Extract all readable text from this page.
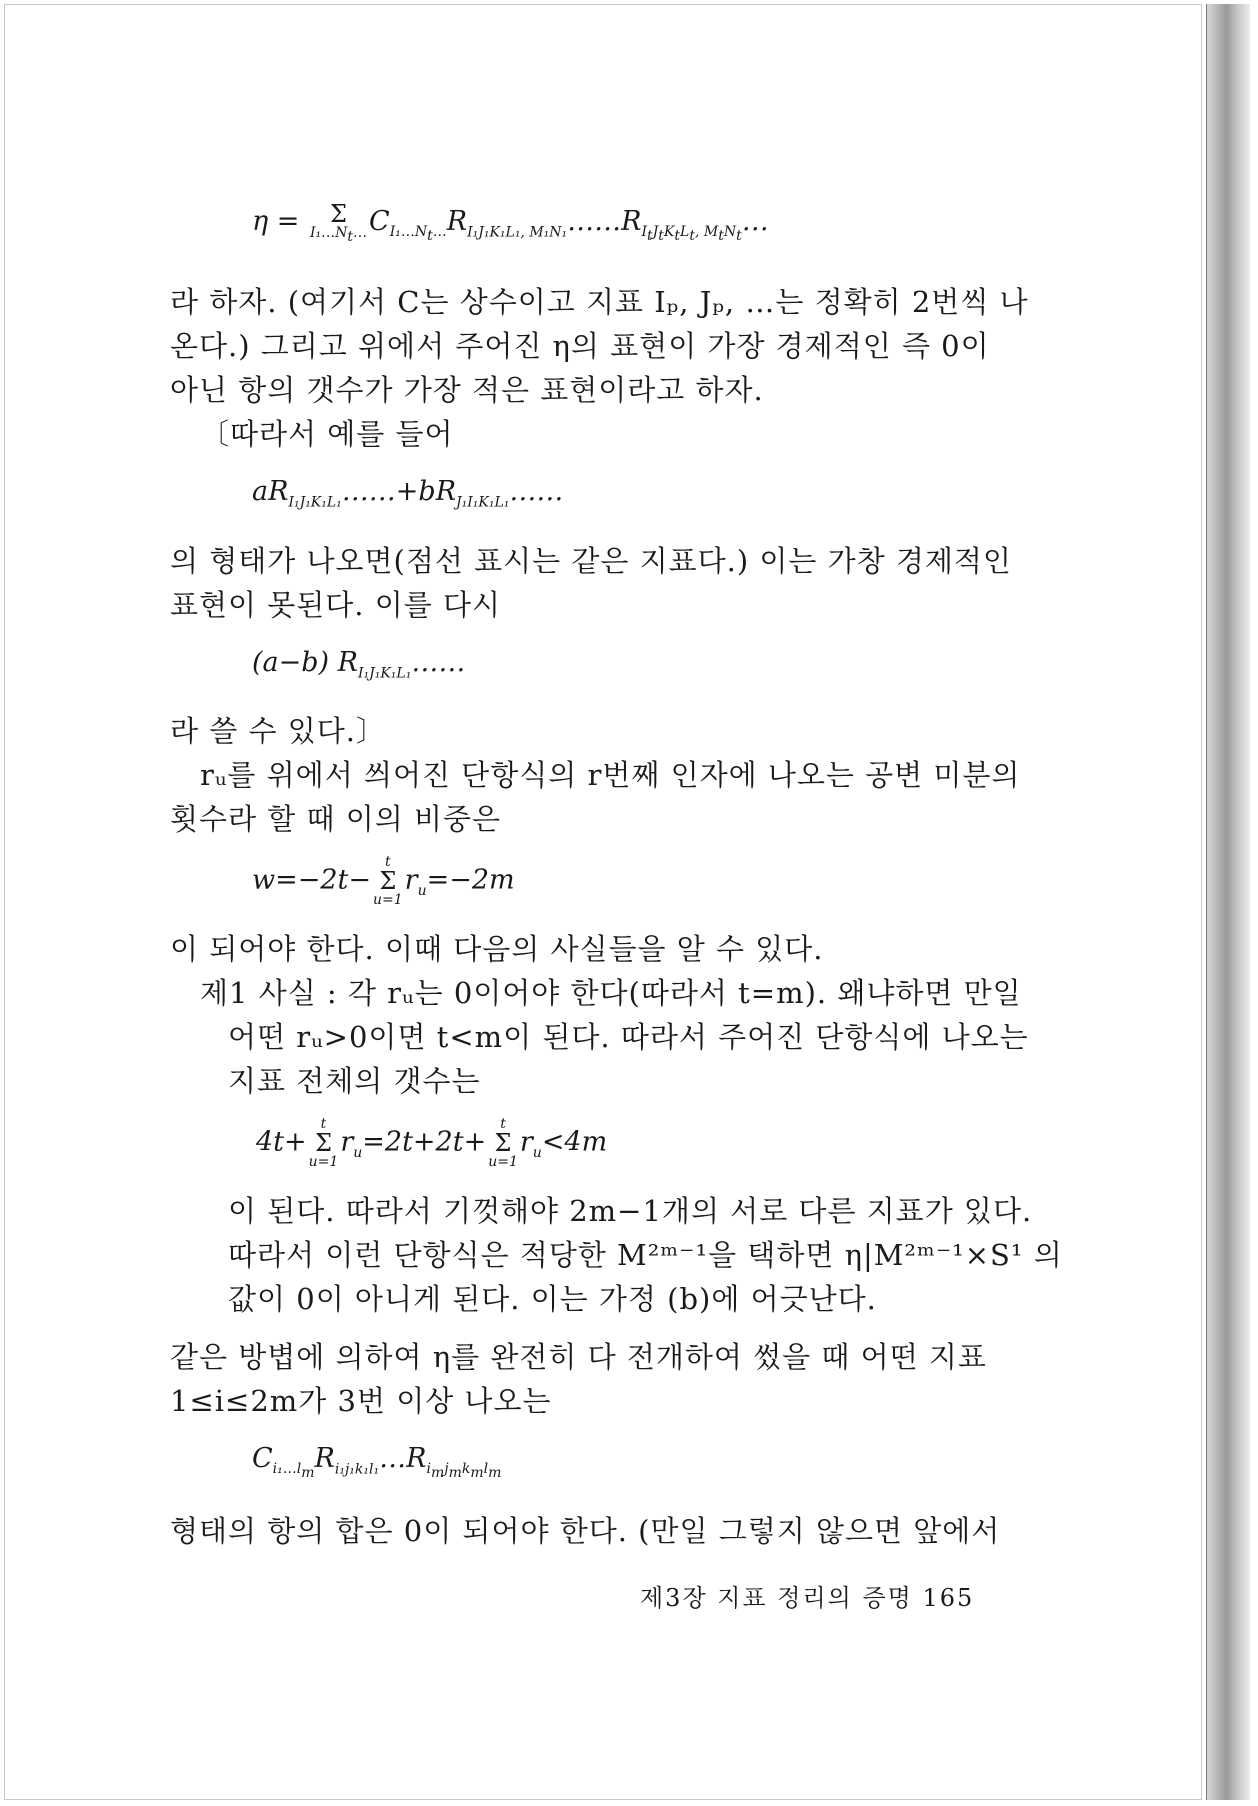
η = Σ
$I_1\dots N_t\dots$ $C_{I_1\dots N_t\dots}R_{I_1J_1K_1L_1, M_1N_1}\dots\dots R_{I_tJ_tK_tL_t, M_tN_t}\dots$

라 하자. (여기서 C는 상수이고 지표 Iₚ, Jₚ, …는 정확히 2번씩 나

온다.) 그리고 위에서 주어진 η의 표현이 가장 경제적인 즉 0이

아닌 항의 갯수가 가장 적은 표현이라고 하자.

〔따라서 예를 들어

$aR_{I_1J_1K_1L_1}\dots\dots+bR_{J_1I_1K_1L_1}\dots\dots$

의 형태가 나오면(점선 표시는 같은 지표다.) 이는 가창 경제적인

표현이 못된다. 이를 다시

(a−b) $R_{I_1J_1K_1L_1}\dots\dots$

라 쓸 수 있다.〕

rᵤ를 위에서 씌어진 단항식의 r번째 인자에 나오는 공변 미분의

횟수라 할 때 이의 비중은

w=−2t−
t
Σ
u=1
$r_u=-2m$

이 되어야 한다. 이때 다음의 사실들을 알 수 있다.

제1 사실 : 각 rᵤ는 0이어야 한다(따라서 t=m). 왜냐하면 만일

어떤 rᵤ>0이면 t<m이 된다. 따라서 주어진 단항식에 나오는

지표 전체의 갯수는

4t+
t
Σ
u=1
$r_u=2t+2t+$
t
Σ
u=1
$r_u<4m$

이 된다. 따라서 기껏해야 2m−1개의 서로 다른 지표가 있다.

따라서 이런 단항식은 적당한 M²ᵐ⁻¹을 택하면 η|M²ᵐ⁻¹×S¹ 의

값이 0이 아니게 된다. 이는 가정 (b)에 어긋난다.

같은 방볍에 의하여 η를 완전히 다 전개하여 썼을 때 어떤 지표

1≤i≤2m가 3번 이상 나오는

$C_{i_1\dots l_m}R_{i_1j_1k_1l_1}\dots R_{i_mj_mk_ml_m}$

형태의 항의 합은 0이 되어야 한다. (만일 그렇지 않으면 앞에서

제3장 지표 정리의 증명 165
